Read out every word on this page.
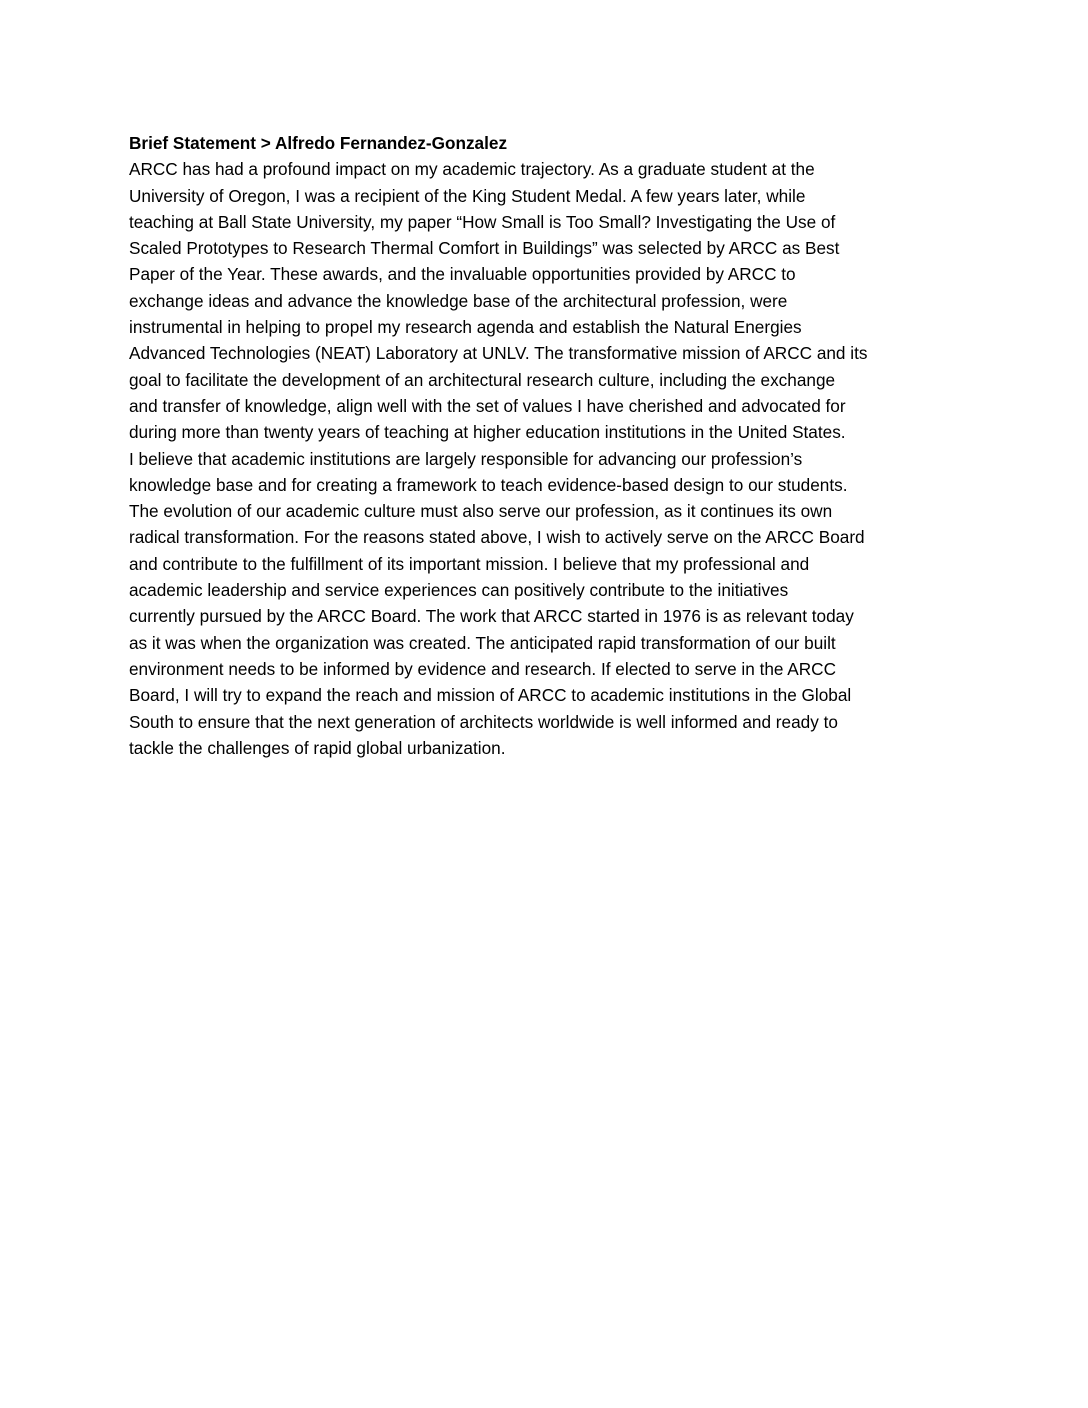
Brief Statement > Alfredo Fernandez-Gonzalez
ARCC has had a profound impact on my academic trajectory. As a graduate student at the
University of Oregon, I was a recipient of the King Student Medal. A few years later, while
teaching at Ball State University, my paper “How Small is Too Small? Investigating the Use of
Scaled Prototypes to Research Thermal Comfort in Buildings” was selected by ARCC as Best
Paper of the Year. These awards, and the invaluable opportunities provided by ARCC to
exchange ideas and advance the knowledge base of the architectural profession, were
instrumental in helping to propel my research agenda and establish the Natural Energies
Advanced Technologies (NEAT) Laboratory at UNLV. The transformative mission of ARCC and its
goal to facilitate the development of an architectural research culture, including the exchange
and transfer of knowledge, align well with the set of values I have cherished and advocated for
during more than twenty years of teaching at higher education institutions in the United States.
I believe that academic institutions are largely responsible for advancing our profession’s
knowledge base and for creating a framework to teach evidence-based design to our students.
The evolution of our academic culture must also serve our profession, as it continues its own
radical transformation. For the reasons stated above, I wish to actively serve on the ARCC Board
and contribute to the fulfillment of its important mission. I believe that my professional and
academic leadership and service experiences can positively contribute to the initiatives
currently pursued by the ARCC Board. The work that ARCC started in 1976 is as relevant today
as it was when the organization was created. The anticipated rapid transformation of our built
environment needs to be informed by evidence and research. If elected to serve in the ARCC
Board, I will try to expand the reach and mission of ARCC to academic institutions in the Global
South to ensure that the next generation of architects worldwide is well informed and ready to
tackle the challenges of rapid global urbanization.
